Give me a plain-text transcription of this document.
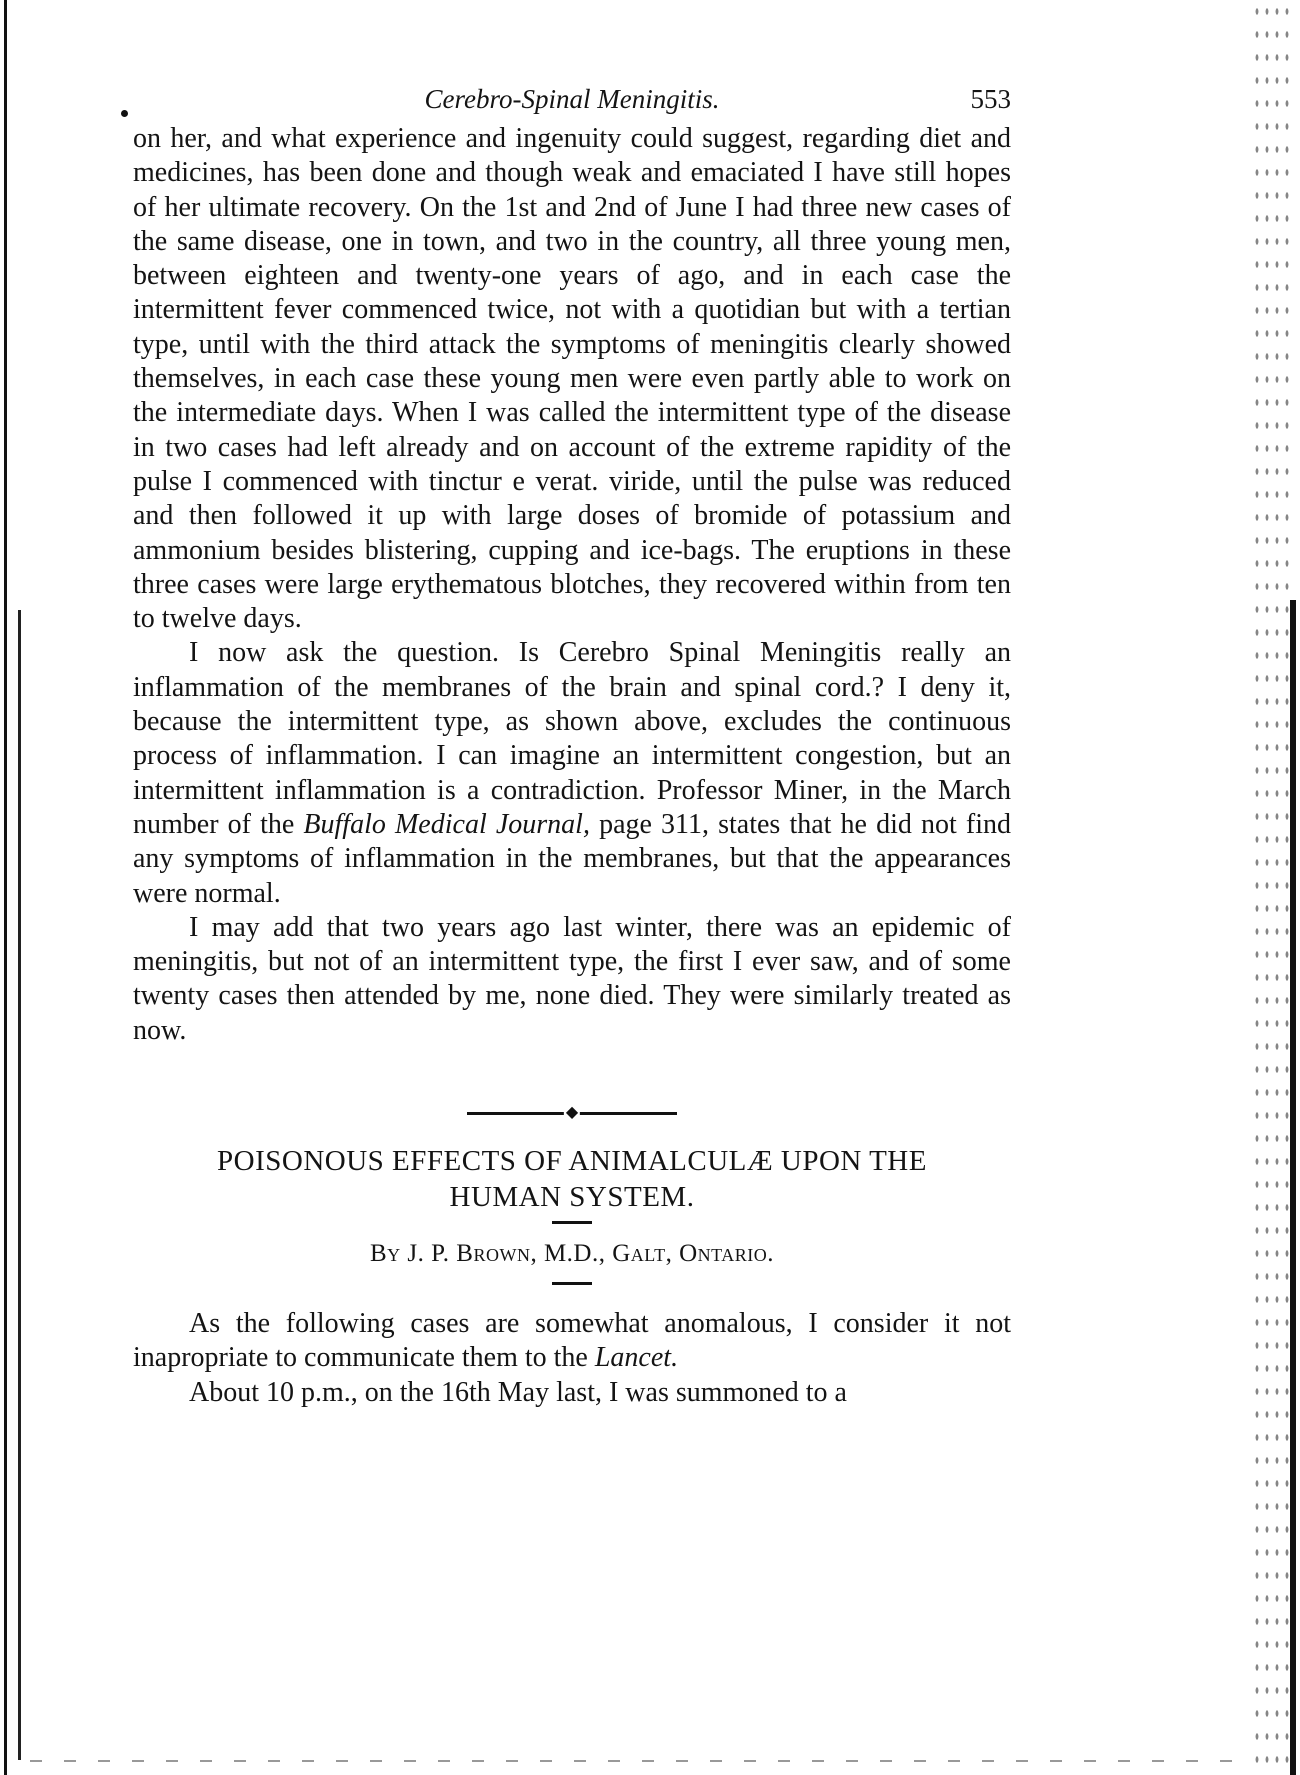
Cerebro-Spinal Meningitis.	553

on her, and what experience and ingenuity could suggest, regarding diet and medicines, has been done and though weak and emaciated I have still hopes of her ultimate recovery. On the 1st and 2nd of June I had three new cases of the same disease, one in town, and two in the country, all three young men, between eighteen and twenty-one years of ago, and in each case the intermittent fever commenced twice, not with a quotidian but with a tertian type, until with the third attack the symptoms of meningitis clearly showed themselves, in each case these young men were even partly able to work on the intermediate days. When I was called the intermittent type of the disease in two cases had left already and on account of the extreme rapidity of the pulse I commenced with tinctur e verat. viride, until the pulse was reduced and then followed it up with large doses of bromide of potassium and ammonium besides blistering, cupping and ice-bags. The eruptions in these three cases were large erythematous blotches, they recovered within from ten to twelve days.

I now ask the question. Is Cerebro Spinal Meningitis really an inflammation of the membranes of the brain and spinal cord.? I deny it, because the intermittent type, as shown above, excludes the continuous process of inflammation. I can imagine an intermittent congestion, but an intermittent inflammation is a contradiction. Professor Miner, in the March number of the Buffalo Medical Journal, page 311, states that he did not find any symptoms of inflammation in the membranes, but that the appearances were normal.

I may add that two years ago last winter, there was an epidemic of meningitis, but not of an intermittent type, the first I ever saw, and of some twenty cases then attended by me, none died. They were similarly treated as now.

◆
POISONOUS EFFECTS OF ANIMALCULÆ UPON THE
HUMAN SYSTEM.
By J. P. Brown, M.D., Galt, Ontario.

As the following cases are somewhat anomalous, I consider it not inapropriate to communicate them to the Lancet.

About 10 p.m., on the 16th May last, I was summoned to a
